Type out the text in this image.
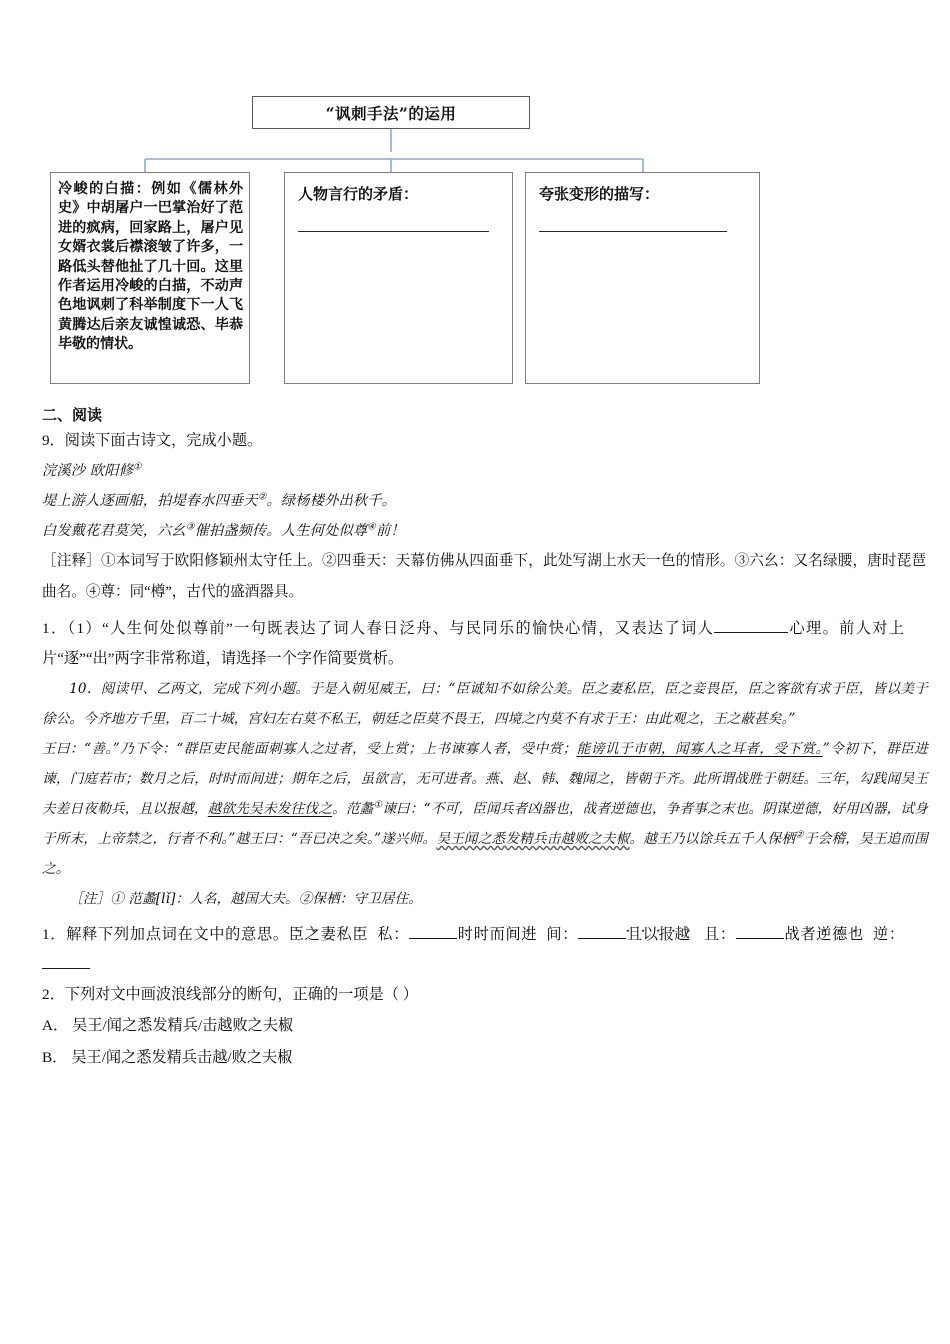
“讽刺手法”的运用
冷峻的白描：例如《儒林外史》中胡屠户一巴掌治好了范进的疯病，回家路上，屠户见女婿衣裳后襟滚皱了许多，一路低头替他扯了几十回。这里作者运用冷峻的白描，不动声色地讽刺了科举制度下一人飞黄腾达后亲友诚惶诚恐、毕恭毕敬的情状。
人物言行的矛盾：	夸张变形的描写：
二、阅读
9．阅读下面古诗文，完成小题。
浣溪沙 欧阳修①
堤上游人逐画船，拍堤春水四垂天②。绿杨楼外出秋千。
白发戴花君莫笑，六幺③催拍盏频传。人生何处似尊④前！
［注释］①本词写于欧阳修颖州太守任上。②四垂天：天幕仿佛从四面垂下，此处写湖上水天一色的情形。③六幺：又名绿腰，唐时琵琶曲名。④尊：同“樽”，古代的盛酒器具。
1．（1）“人生何处似尊前”一句既表达了词人春日泛舟、与民同乐的愉快心情，又表达了词人	心理。前人对上片“逐”“出”两字非常称道，请选择一个字作简要赏析。
10．阅读甲、乙两文，完成下列小题。于是入朝见威王，曰：“臣诚知不如徐公美。臣之妻私臣，臣之妾畏臣，臣之客欲有求于臣，皆以美于徐公。今齐地方千里，百二十城，宫妇左右莫不私王，朝廷之臣莫不畏王，四境之内莫不有求于王：由此观之，王之蔽甚矣。”
王曰：“善。”乃下令：“群臣吏民能面刺寡人之过者，受上赏；上书谏寡人者，受中赏；能谤讥于市朝，闻寡人之耳者，受下赏。”令初下，群臣进谏，门庭若市；数月之后，时时而间进；期年之后，虽欲言，无可进者。燕、赵、韩、魏闻之，皆朝于齐。此所谓战胜于朝廷。三年，勾践闻吴王夫差日夜勒兵，且以报越，越欲先吴未发往伐之。范蠡①谏曰：“不可，臣闻兵者凶器也，战者逆德也，争者事之末也。阴谋逆德，好用凶器，试身于所末，上帝禁之，行者不利。”越王曰：“吾已决之矣。”遂兴师。吴王闻之悉发精兵击越败之夫椒。越王乃以馀兵五千人保栖②于会稽，吴王追而围之。
［注］① 范蠡[lǐ]：人名，越国大夫。②保栖：守卫居住。
1．解释下列加点词在文中的意思。臣之妻私臣 私：	时时而间进 间：	且以报越 且：	战者逆德也 逆：
2．下列对文中画波浪线部分的断句，正确的一项是（ ）
A． 吴王/闻之悉发精兵/击越败之夫椒
B． 吴王/闻之悉发精兵击越/败之夫椒
